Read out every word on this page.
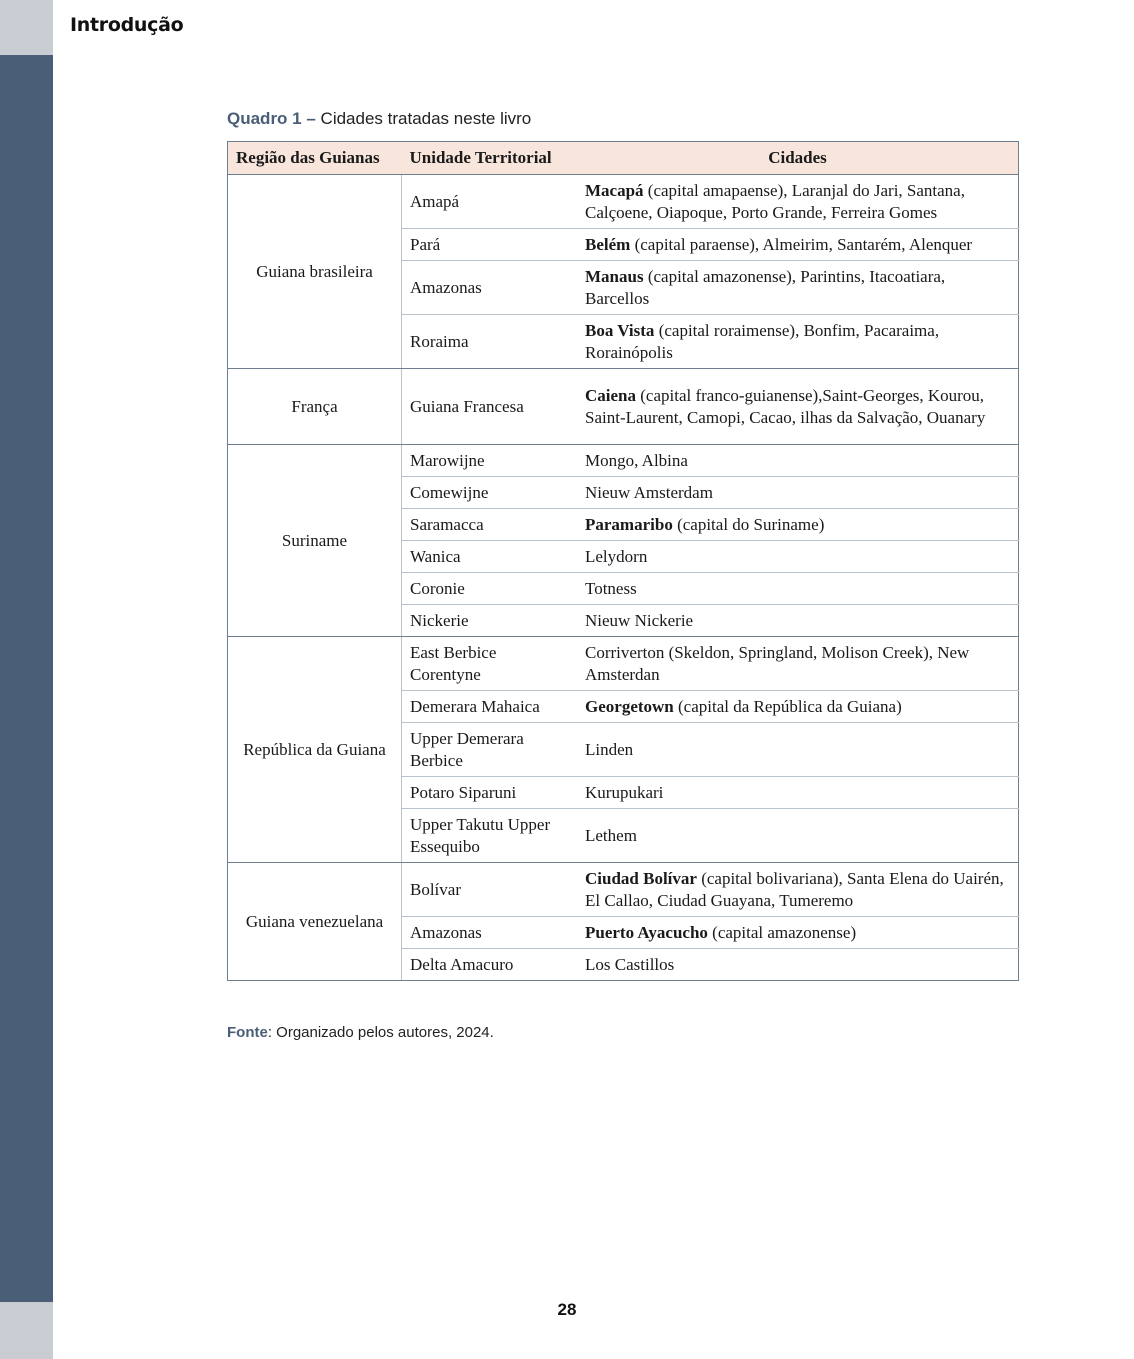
Introdução
Quadro 1 – Cidades tratadas neste livro
Região das Guianas	Unidade Territorial	Cidades
Guiana brasileira	Amapá	Macapá (capital amapaense), Laranjal do Jari, Santana, Calçoene, Oiapoque, Porto Grande, Ferreira Gomes
	Pará	Belém (capital paraense), Almeirim, Santarém, Alenquer
	Amazonas	Manaus (capital amazonense), Parintins, Itacoatiara, Barcellos
	Roraima	Boa Vista (capital roraimense), Bonfim, Pacaraima, Rorainópolis
França	Guiana Francesa	Caiena (capital franco-guianense),Saint-Georges, Kourou, Saint-Laurent, Camopi, Cacao, ilhas da Salvação, Ouanary
Suriname	Marowijne	Mongo, Albina
	Comewijne	Nieuw Amsterdam
	Saramacca	Paramaribo (capital do Suriname)
	Wanica	Lelydorn
	Coronie	Totness
	Nickerie	Nieuw Nickerie
República da Guiana	East Berbice Corentyne	Corriverton (Skeldon, Springland, Molison Creek), New Amsterdan
	Demerara Mahaica	Georgetown (capital da República da Guiana)
	Upper Demerara Berbice	Linden
	Potaro Siparuni	Kurupukari
	Upper Takutu Upper Essequibo	Lethem
Guiana venezuelana	Bolívar	Ciudad Bolívar (capital bolivariana), Santa Elena do Uairén, El Callao, Ciudad Guayana, Tumeremo
	Amazonas	Puerto Ayacucho (capital amazonense)
	Delta Amacuro	Los Castillos
Fonte: Organizado pelos autores, 2024.
28
